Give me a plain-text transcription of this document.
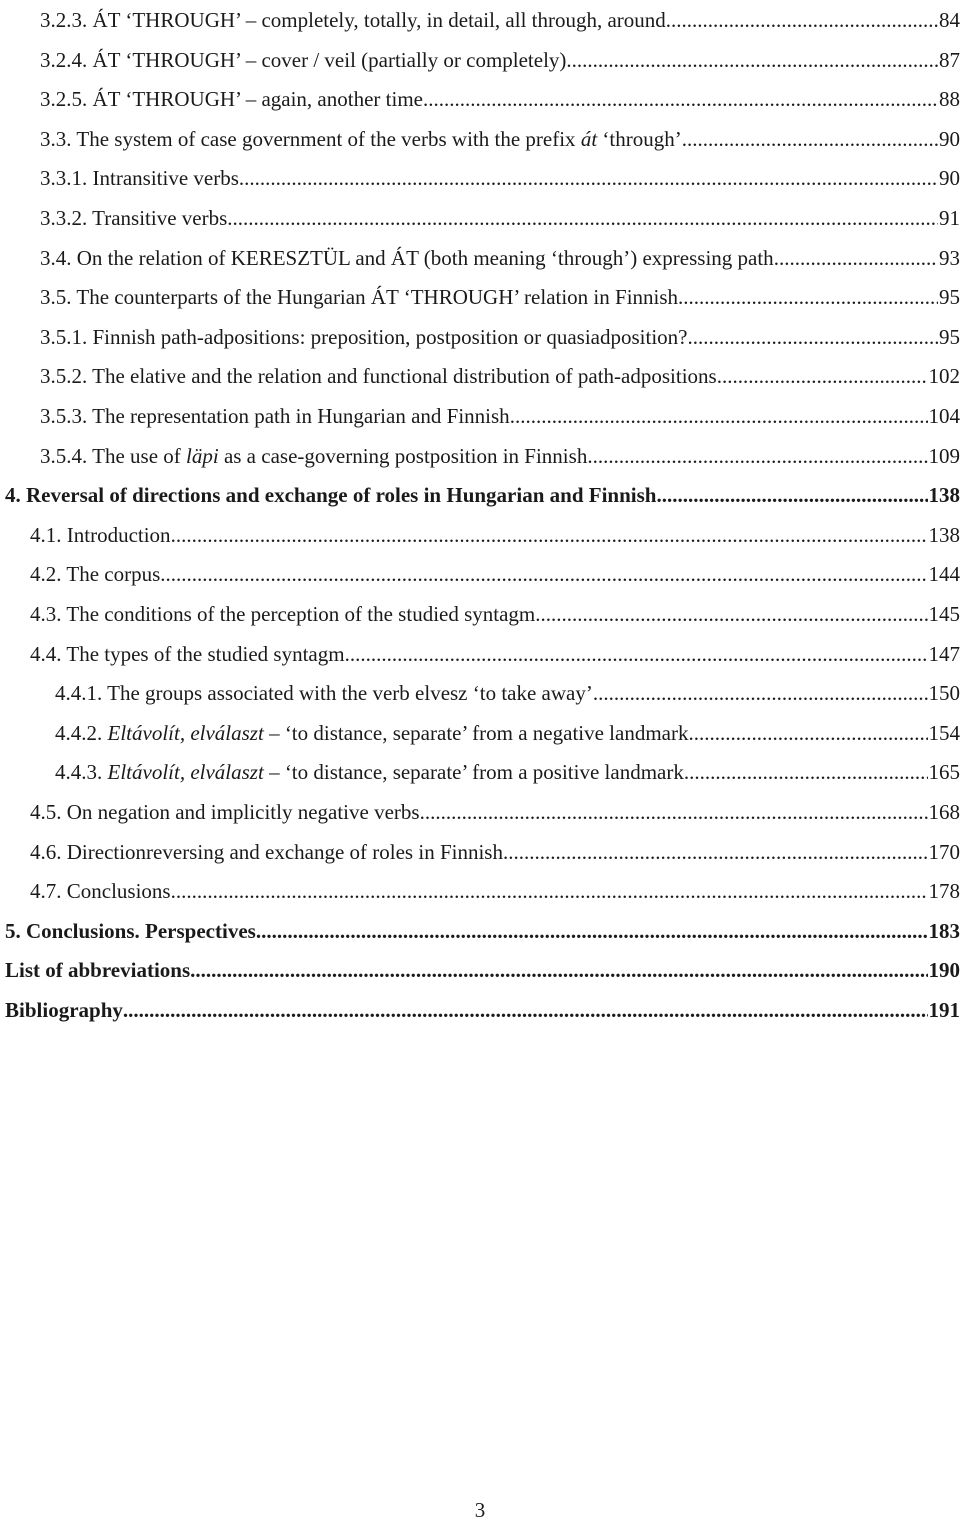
3.2.3. ÁT ‘THROUGH’ – completely, totally, in detail, all through, around .....	84
3.2.4. ÁT ‘THROUGH’ – cover / veil (partially or completely) .....	87
3.2.5. ÁT ‘THROUGH’ – again, another time .....	88
3.3. The system of case government of the verbs with the prefix át ‘through’ .....	90
3.3.1. Intransitive verbs .....	90
3.3.2. Transitive verbs .....	91
3.4. On the relation of KERESZTÜL and ÁT (both meaning ‘through’) expressing path .....	93
3.5. The counterparts of the Hungarian ÁT ‘THROUGH’ relation in Finnish .....	95
3.5.1. Finnish path-adpositions: preposition, postposition or quasiadposition? .....	95
3.5.2. The elative and the relation and functional distribution of path-adpositions .....	102
3.5.3. The representation path in Hungarian and Finnish .....	104
3.5.4. The use of läpi as a case-governing postposition in Finnish .....	109
4. Reversal of directions and exchange of roles in Hungarian and Finnish .....	138
4.1. Introduction .....	138
4.2. The corpus .....	144
4.3. The conditions of the perception of the studied syntagm .....	145
4.4. The types of the studied syntagm .....	147
4.4.1. The groups associated with the verb elvesz ‘to take away’ .....	150
4.4.2. Eltávolít, elválaszt – ‘to distance, separate’ from a negative landmark .....	154
4.4.3. Eltávolít, elválaszt – ‘to distance, separate’ from a positive landmark .....	165
4.5. On negation and implicitly negative verbs .....	168
4.6. Directionreversing and exchange of roles in Finnish .....	170
4.7. Conclusions .....	178
5. Conclusions. Perspectives .....	183
List of abbreviations .....	190
Bibliography .....	191
3
